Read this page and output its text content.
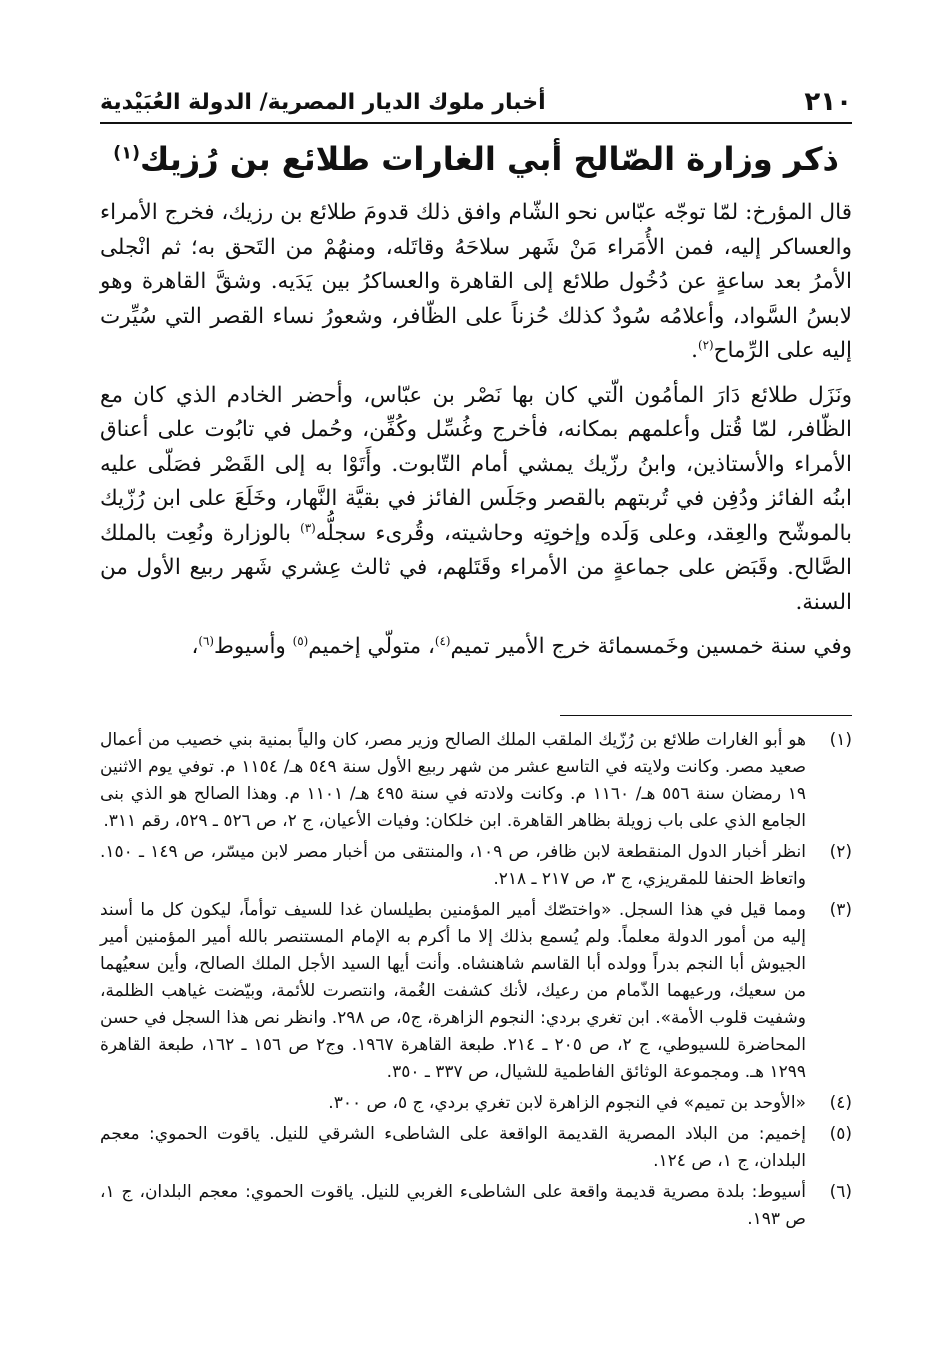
٢١٠
أخبار ملوك الديار المصرية/ الدولة العُبَيْدية
ذكر وزارة الصّالح أبي الغارات طلائع بن رُزيك$^{(١)}$

قال المؤرخ: لمّا توجّه عبّاس نحو الشّام وافق ذلك قدومَ طلائع بن رزيك، فخرج الأمراء والعساكر إليه، فمن الأُمَراء مَنْ شَهر سلاحَهُ وقاتَله، ومنهُمْ من التَحق به؛ ثم انْجلى الأمرُ بعد ساعةٍ عن دُخُول طلائع إلى القاهرة والعساكرُ بين يَدَيه. وشقَّ القاهرة وهو لابسُ السَّواد، وأعلامُه سُودٌ كذلك حُزناً على الظّافر، وشعورُ نساء القصر التي سُيِّرت إليه على الرِّماح$^{(٢)}$.

ونَزَل طلائع دَارَ المأمُون الّتي كان بها نَصْر بن عبّاس، وأحضر الخادم الذي كان مع الظّافر، لمّا قُتل وأعلمهم بمكانه، فأخرج وغُسِّل وكُفِّن، وحُمل في تابُوت على أعناق الأمراء والأستاذين، وابنُ رزّيك يمشي أمام التّابوت. وأَتَوْا به إلى القَصْر فصَلّى عليه ابنُه الفائز ودُفِن في تُربتهم بالقصر وجَلَس الفائز في بقيَّة النَّهار، وخَلَعَ على ابن رُزّيك بالموشّح والعِقد، وعلى وَلَده وإخوتِه وحاشيته، وقُرىء سجلُّه$^{(٣)}$ بالوزارة ونُعِت بالملك الصَّالح. وقَبَض على جماعةٍ من الأمراء وقَتَلهم، في ثالث عِشري شَهر ربيع الأول من السنة.

وفي سنة خمسين وخَمسمائة خرج الأمير تميم$^{(٤)}$، متولّي إخميم$^{(٥)}$ وأسيوط$^{(٦)}$،

(١)
هو أبو الغارات طلائع بن رُزّيك الملقب الملك الصالح وزير مصر، كان والياً بمنية بني خصيب من أعمال صعيد مصر. وكانت ولايته في التاسع عشر من شهر ربيع الأول سنة ٥٤٩ هـ/ ١١٥٤ م. توفي يوم الاثنين ١٩ رمضان سنة ٥٥٦ هـ/ ١١٦٠ م. وكانت ولادته في سنة ٤٩٥ هـ/ ١١٠١ م. وهذا الصالح هو الذي بنى الجامع الذي على باب زويلة بظاهر القاهرة. ابن خلكان: وفيات الأعيان، ج ٢، ص ٥٢٦ ـ ٥٢٩، رقم ٣١١.
(٢)
انظر أخبار الدول المنقطعة لابن ظافر، ص ١٠٩، والمنتقى من أخبار مصر لابن ميسّر، ص ١٤٩ ـ ١٥٠. واتعاظ الحنفا للمقريزي، ج ٣، ص ٢١٧ ـ ٢١٨.
(٣)
ومما قيل في هذا السجل. «واختصّك أمير المؤمنين بطيلسان غدا للسيف توأماً، ليكون كل ما أسند إليه من أمور الدولة معلماً. ولم يُسمع بذلك إلا ما أكرم به الإمام المستنصر بالله أمير المؤمنين أمير الجيوش أبا النجم بدراً وولده أبا القاسم شاهنشاه. وأنت أيها السيد الأجل الملك الصالح، وأين سعيُهما من سعيك، ورعيهما الذّمام من رعيك، لأنك كشفت الغُمة، وانتصرت للأئمة، وبيّضت غياهب الظلمة، وشفيت قلوب الأمة». ابن تغري بردي: النجوم الزاهرة، ج٥، ص ٢٩٨. وانظر نص هذا السجل في حسن المحاضرة للسيوطي، ج ٢، ص ٢٠٥ ـ ٢١٤. طبعة القاهرة ١٩٦٧. وج٢ ص ١٥٦ ـ ١٦٢، طبعة القاهرة ١٢٩٩ هـ. ومجموعة الوثائق الفاطمية للشيال، ص ٣٣٧ ـ ٣٥٠.
(٤)
«الأوحد بن تميم» في النجوم الزاهرة لابن تغري بردي، ج ٥، ص ٣٠٠.
(٥)
إخميم: من البلاد المصرية القديمة الواقعة على الشاطىء الشرقي للنيل. ياقوت الحموي: معجم البلدان، ج ١، ص ١٢٤.
(٦)
أسيوط: بلدة مصرية قديمة واقعة على الشاطىء الغربي للنيل. ياقوت الحموي: معجم البلدان، ج ١، ص ١٩٣.
